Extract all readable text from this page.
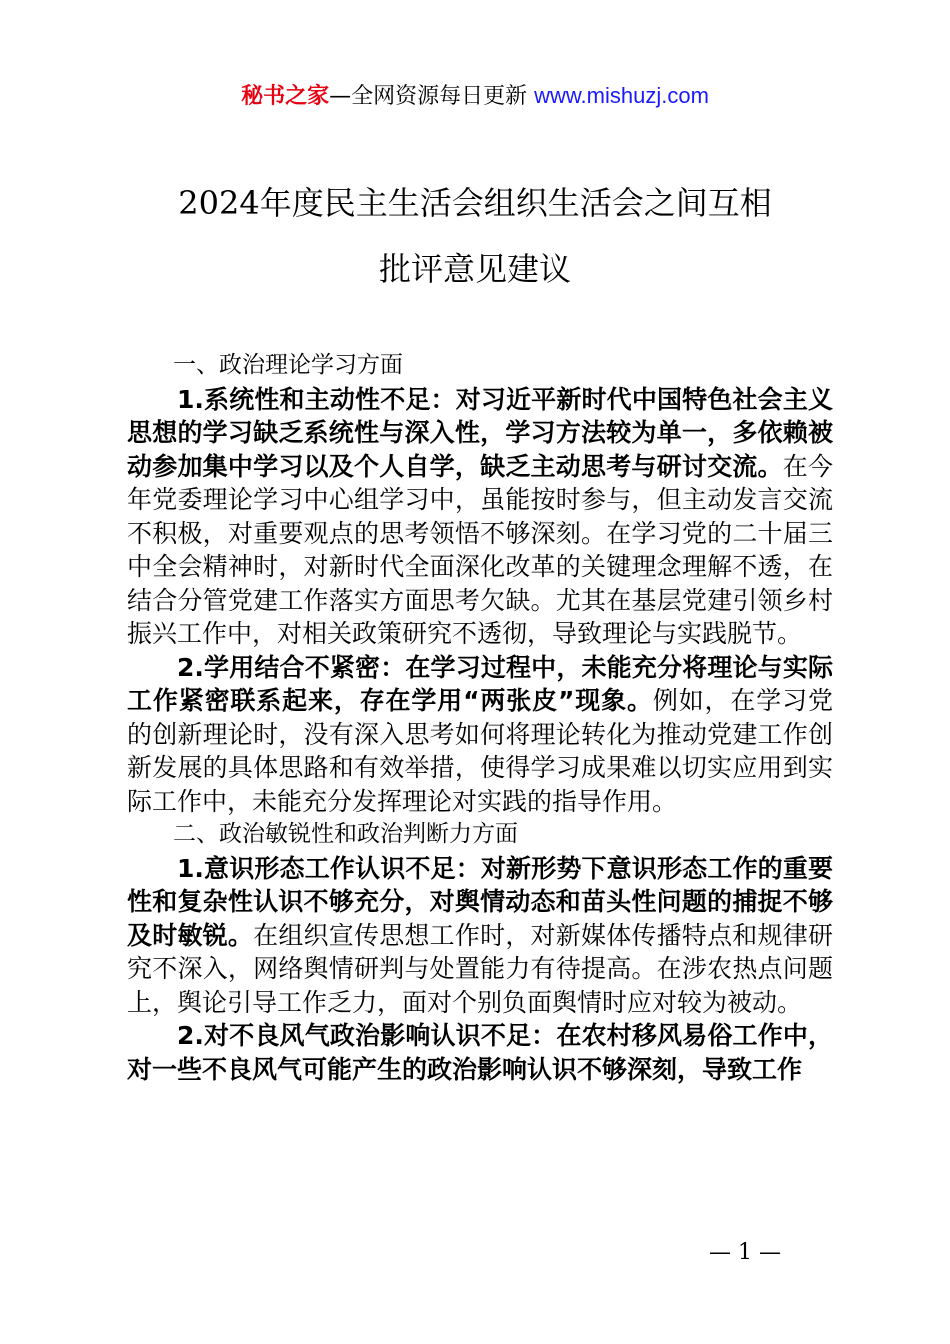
秘书之家—全网资源每日更新 www.mishuzj.com
2024年度民主生活会组织生活会之间互相
批评意见建议

一、政治理论学习方面

1.系统性和主动性不足：对习近平新时代中国特色社会主义思想的学习缺乏系统性与深入性，学习方法较为单一，多依赖被动参加集中学习以及个人自学，缺乏主动思考与研讨交流。在今年党委理论学习中心组学习中，虽能按时参与，但主动发言交流不积极，对重要观点的思考领悟不够深刻。在学习党的二十届三中全会精神时，对新时代全面深化改革的关键理念理解不透，在结合分管党建工作落实方面思考欠缺。尤其在基层党建引领乡村振兴工作中，对相关政策研究不透彻，导致理论与实践脱节。

2.学用结合不紧密：在学习过程中，未能充分将理论与实际工作紧密联系起来，存在学用“两张皮”现象。例如，在学习党的创新理论时，没有深入思考如何将理论转化为推动党建工作创新发展的具体思路和有效举措，使得学习成果难以切实应用到实际工作中，未能充分发挥理论对实践的指导作用。

二、政治敏锐性和政治判断力方面

1.意识形态工作认识不足：对新形势下意识形态工作的重要性和复杂性认识不够充分，对舆情动态和苗头性问题的捕捉不够及时敏锐。在组织宣传思想工作时，对新媒体传播特点和规律研究不深入，网络舆情研判与处置能力有待提高。在涉农热点问题上，舆论引导工作乏力，面对个别负面舆情时应对较为被动。

2.对不良风气政治影响认识不足：在农村移风易俗工作中，对一些不良风气可能产生的政治影响认识不够深刻，导致工作

— 1 —
